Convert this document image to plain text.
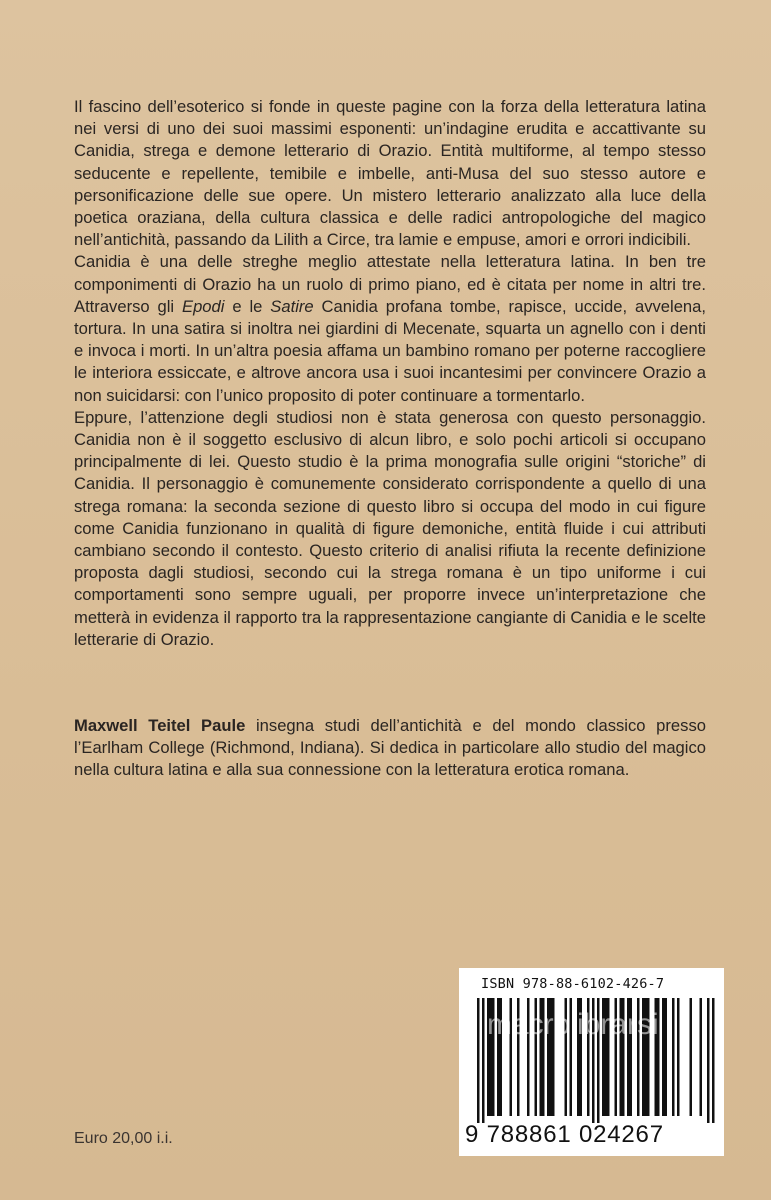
Il fascino dell’esoterico si fonde in queste pagine con la forza della letteratura latina nei versi di uno dei suoi massimi esponenti: un’indagine erudita e accattivante su Canidia, strega e demone letterario di Orazio. Entità multiforme, al tempo stesso seducente e repellente, temibile e imbelle, anti-Musa del suo stesso autore e personificazione delle sue opere. Un mistero letterario analizzato alla luce della poetica oraziana, della cultura classica e delle radici antropologiche del magico nell’antichità, passando da Lilith a Circe, tra lamie e empuse, amori e orrori indicibili.

Canidia è una delle streghe meglio attestate nella letteratura latina. In ben tre componimenti di Orazio ha un ruolo di primo piano, ed è citata per nome in altri tre. Attraverso gli Epodi e le Satire Canidia profana tombe, rapisce, uccide, avvelena, tortura. In una satira si inoltra nei giardini di Mecenate, squarta un agnello con i denti e invoca i morti. In un’altra poesia affama un bambino romano per poterne raccogliere le interiora essiccate, e altrove ancora usa i suoi incantesimi per convincere Orazio a non suicidarsi: con l’unico proposito di poter continuare a tormentarlo.

Eppure, l’attenzione degli studiosi non è stata generosa con questo personaggio. Canidia non è il soggetto esclusivo di alcun libro, e solo pochi articoli si occupano principalmente di lei. Questo studio è la prima monografia sulle origini “storiche” di Canidia. Il personaggio è comunemente considerato corrispondente a quello di una strega romana: la seconda sezione di questo libro si occupa del modo in cui figure come Canidia funzionano in qualità di figure demoniche, entità fluide i cui attributi cambiano secondo il contesto. Questo criterio di analisi rifiuta la recente definizione proposta dagli studiosi, secondo cui la strega romana è un tipo uniforme i cui comportamenti sono sempre uguali, per proporre invece un’interpretazione che metterà in evidenza il rapporto tra la rappresentazione cangiante di Canidia e le scelte letterarie di Orazio.

Maxwell Teitel Paule insegna studi dell’antichità e del mondo classico presso l’Earlham College (Richmond, Indiana). Si dedica in particolare allo studio del magico nella cultura latina e alla sua connessione con la letteratura erotica romana.
Euro 20,00 i.i.
ISBN 978-88-6102-426-7
9 788861 024267
macrolibrarsi
